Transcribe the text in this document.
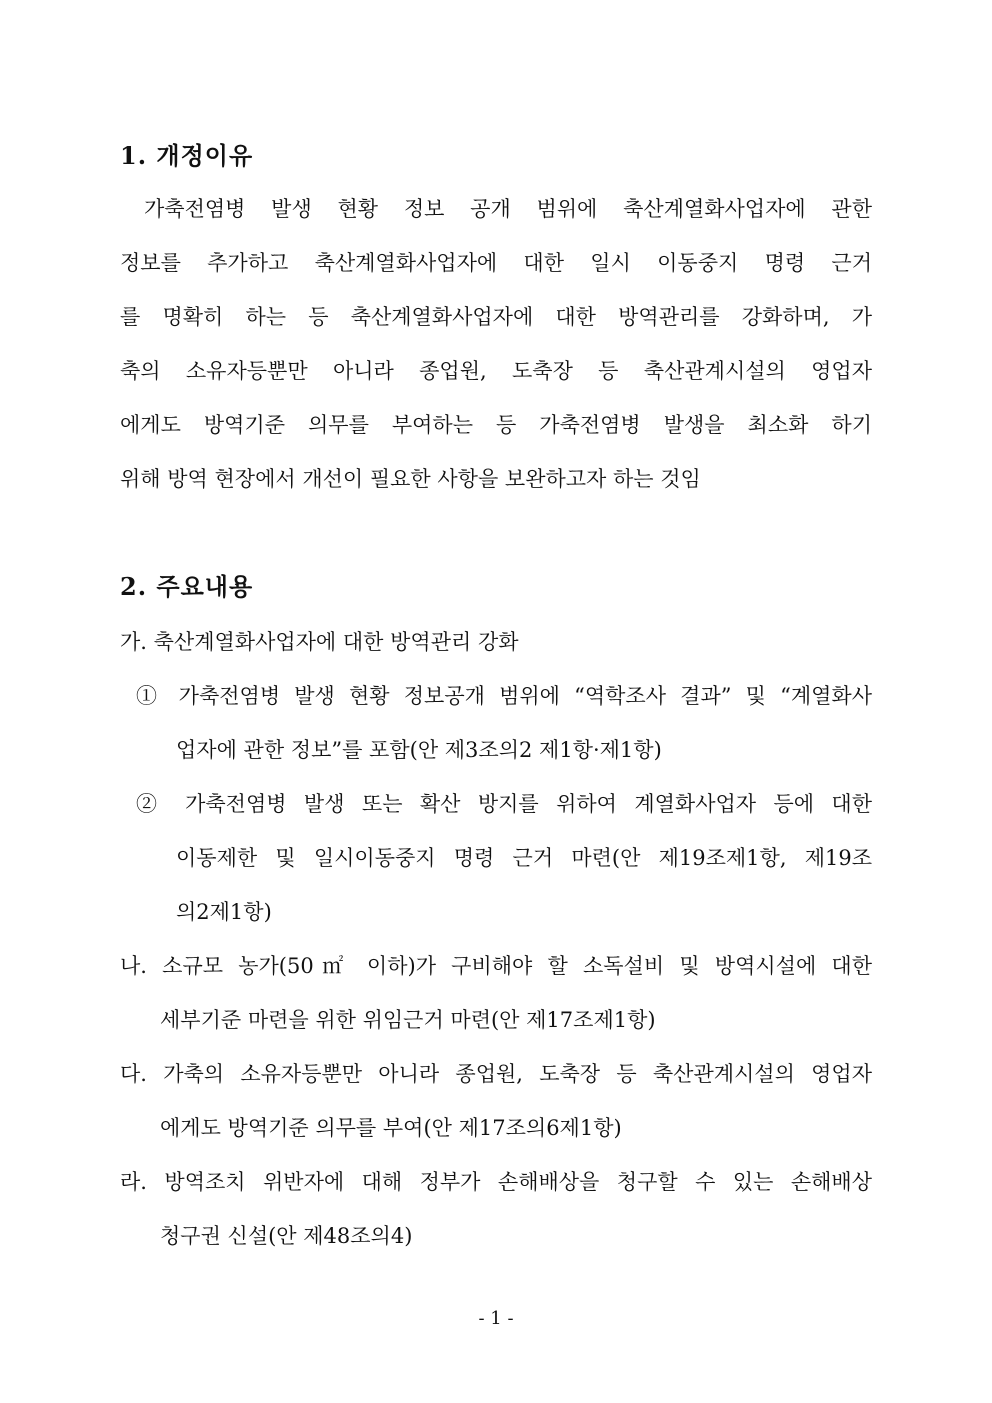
1. 개정이유

가축전염병 발생 현황 정보 공개 범위에 축산계열화사업자에 관한

정보를 추가하고 축산계열화사업자에 대한 일시 이동중지 명령 근거

를 명확히 하는 등 축산계열화사업자에 대한 방역관리를 강화하며, 가

축의 소유자등뿐만 아니라 종업원, 도축장 등 축산관계시설의 영업자

에게도 방역기준 의무를 부여하는 등 가축전염병 발생을 최소화 하기

위해 방역 현장에서 개선이 필요한 사항을 보완하고자 하는 것임

2. 주요내용

가. 축산계열화사업자에 대한 방역관리 강화

① 가축전염병 발생 현황 정보공개 범위에 “역학조사 결과” 및 “계열화사

업자에 관한 정보”를 포함(안 제3조의2 제1항·제1항)

② 가축전염병 발생 또는 확산 방지를 위하여 계열화사업자 등에 대한

이동제한 및 일시이동중지 명령 근거 마련(안 제19조제1항, 제19조

의2제1항)

나. 소규모 농가(50㎡ 이하)가 구비해야 할 소독설비 및 방역시설에 대한

세부기준 마련을 위한 위임근거 마련(안 제17조제1항)

다. 가축의 소유자등뿐만 아니라 종업원, 도축장 등 축산관계시설의 영업자

에게도 방역기준 의무를 부여(안 제17조의6제1항)

라. 방역조치 위반자에 대해 정부가 손해배상을 청구할 수 있는 손해배상

청구권 신설(안 제48조의4)

- 1 -
